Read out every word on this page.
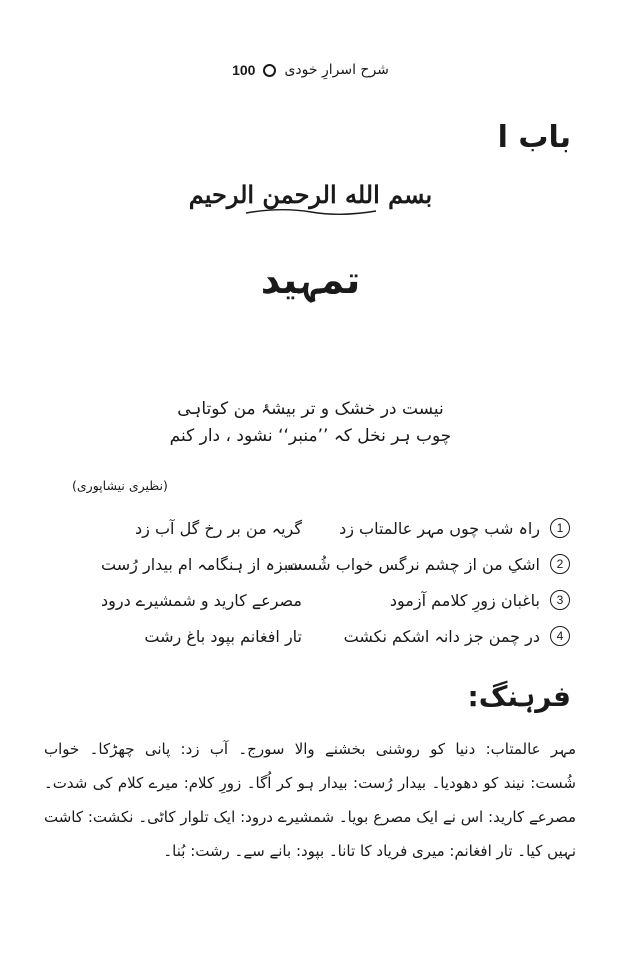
100 شرح اسرارِ خودی
باب ا
بسم الله الرحمن الرحيم
تمہید
نیست در خشک و تر بیشۂ من کوتاہی
چوب ہر نخل کہ ’’منبر‘‘ نشود ، دار کنم
(نظیری نیشاپوری)
1
راہ شب چوں مہر عالمتاب زد
گریہ من بر رخ گل آب زد
2
اشکِ من از چشم نرگس خواب شُست
سبزہ از ہنگامہ ام بیدار رُست
3
باغبان زورِ کلامم آزمود
مصرعے کارید و شمشیرے درود
4
در چمن جز دانہ اشکم نکشت
تار افغانم بپود باغ رشت
فرہنگ:
مہر عالمتاب: دنیا کو روشنی بخشنے والا سورج۔ آب زد: پانی چھڑکا۔ خواب
شُست: نیند کو دھودیا۔ بیدار رُست: بیدار ہو کر اُگا۔ زورِ کلام: میرے کلام کی شدت۔
مصرعے کارید: اس نے ایک مصرع بویا۔ شمشیرے درود: ایک تلوار کاٹی۔ نکشت: کاشت
نہیں کیا۔ تار افغانم: میری فریاد کا تانا۔ بپود: بانے سے۔ رشت: بُنا۔
